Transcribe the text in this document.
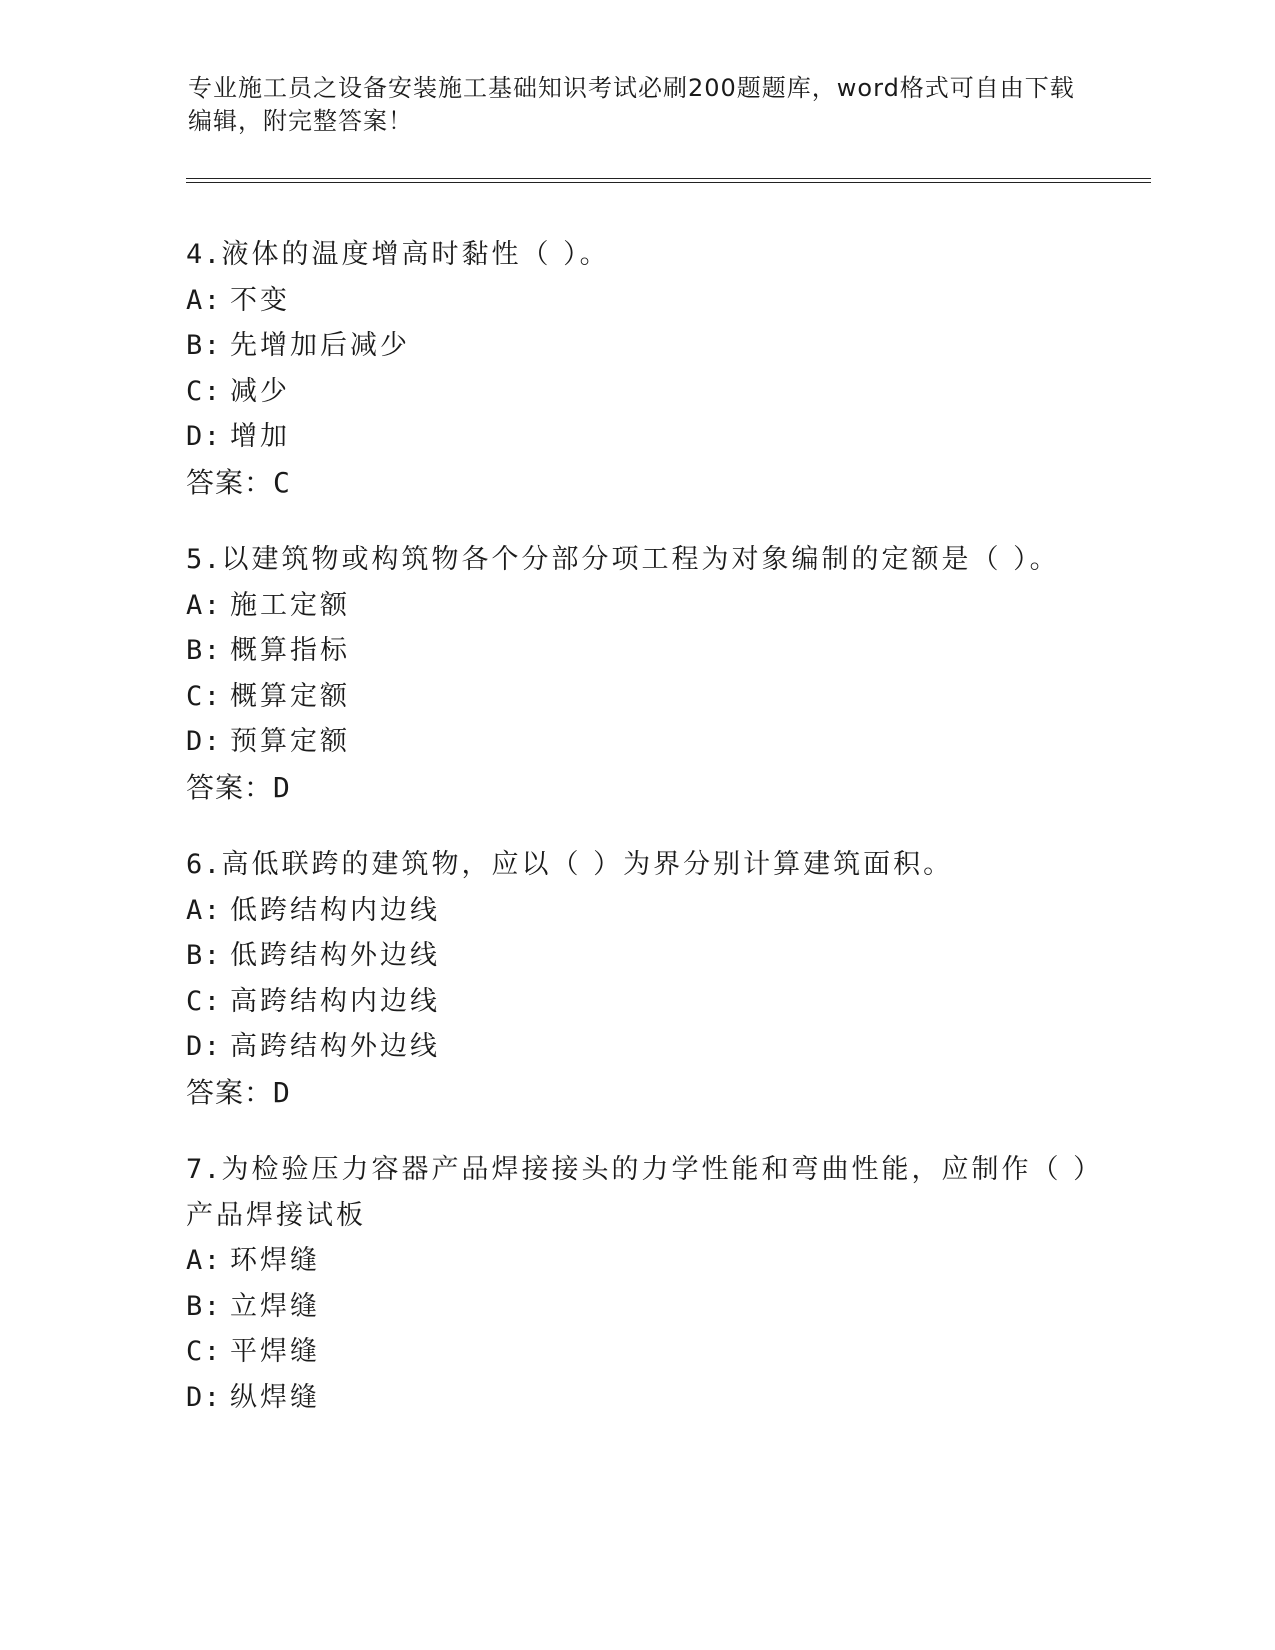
专业施工员之设备安装施工基础知识考试必刷200题题库，word格式可自由下载
编辑，附完整答案！
4.液体的温度增高时黏性（ ）。
A: 不变
B: 先增加后减少
C: 减少
D: 增加
答案：C
5.以建筑物或构筑物各个分部分项工程为对象编制的定额是（ ）。
A: 施工定额
B: 概算指标
C: 概算定额
D: 预算定额
答案：D
6.高低联跨的建筑物，应以（ ）为界分别计算建筑面积。
A: 低跨结构内边线
B: 低跨结构外边线
C: 高跨结构内边线
D: 高跨结构外边线
答案：D
7.为检验压力容器产品焊接接头的力学性能和弯曲性能，应制作（ ）
产品焊接试板
A: 环焊缝
B: 立焊缝
C: 平焊缝
D: 纵焊缝
